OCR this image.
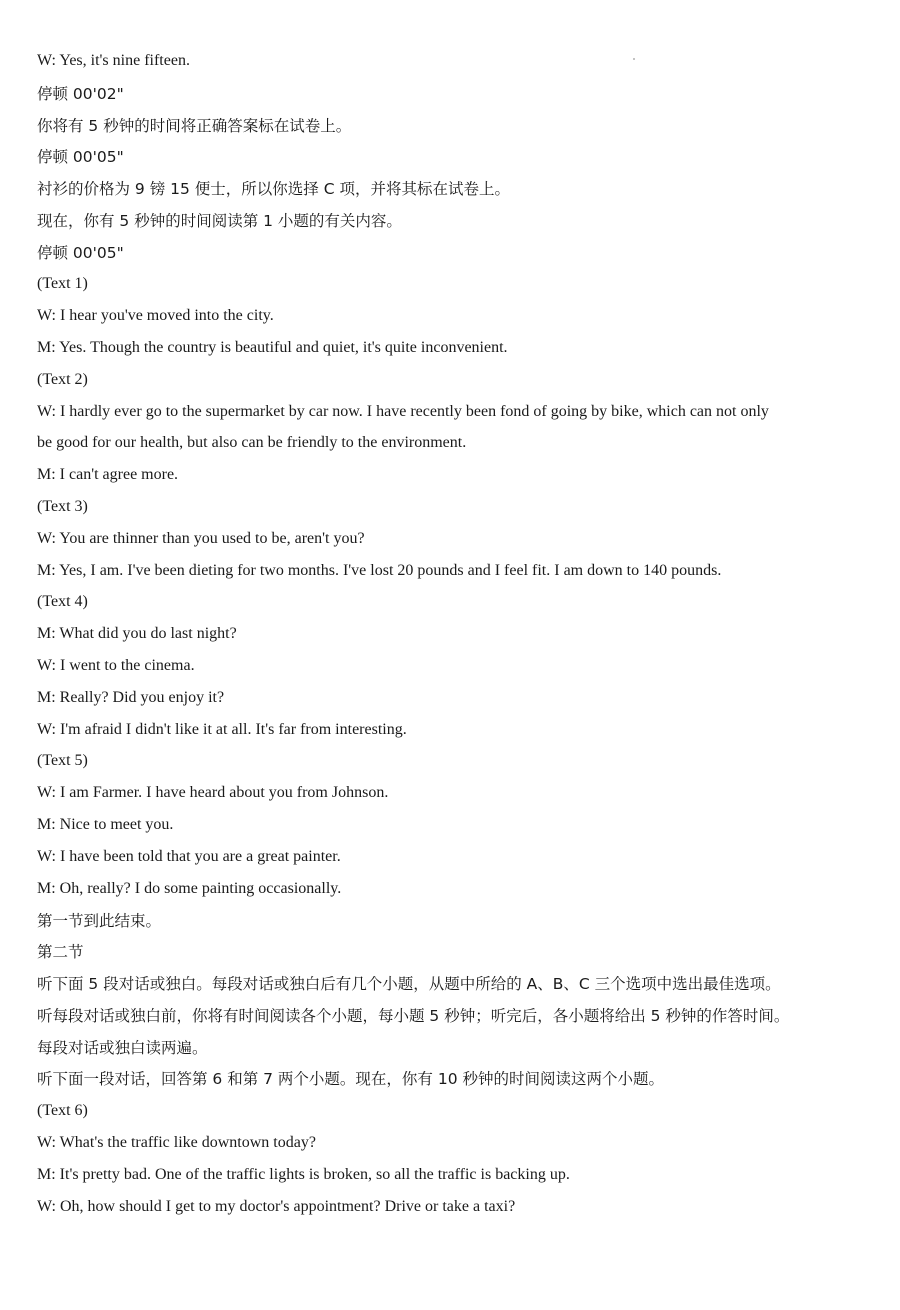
W: Yes, it's nine fifteen.
停顿 00'02"
你将有 5 秒钟的时间将正确答案标在试卷上。
停顿 00'05"
衬衫的价格为 9 镑 15 便士，所以你选择 C 项，并将其标在试卷上。
现在，你有 5 秒钟的时间阅读第 1 小题的有关内容。
停顿 00'05"
(Text 1)
W: I hear you've moved into the city.
M: Yes. Though the country is beautiful and quiet, it's quite inconvenient.
(Text 2)
W: I hardly ever go to the supermarket by car now. I have recently been fond of going by bike, which can not only
be good for our health, but also can be friendly to the environment.
M: I can't agree more.
(Text 3)
W: You are thinner than you used to be, aren't you?
M: Yes, I am. I've been dieting for two months. I've lost 20 pounds and I feel fit. I am down to 140 pounds.
(Text 4)
M: What did you do last night?
W: I went to the cinema.
M: Really? Did you enjoy it?
W: I'm afraid I didn't like it at all. It's far from interesting.
(Text 5)
W: I am Farmer. I have heard about you from Johnson.
M: Nice to meet you.
W: I have been told that you are a great painter.
M: Oh, really? I do some painting occasionally.
第一节到此结束。
第二节
听下面 5 段对话或独白。每段对话或独白后有几个小题，从题中所给的 A、B、C 三个选项中选出最佳选项。
听每段对话或独白前，你将有时间阅读各个小题，每小题 5 秒钟；听完后，各小题将给出 5 秒钟的作答时间。
每段对话或独白读两遍。
听下面一段对话，回答第 6 和第 7 两个小题。现在，你有 10 秒钟的时间阅读这两个小题。
(Text 6)
W: What's the traffic like downtown today?
M: It's pretty bad. One of the traffic lights is broken, so all the traffic is backing up.
W: Oh, how should I get to my doctor's appointment? Drive or take a taxi?
